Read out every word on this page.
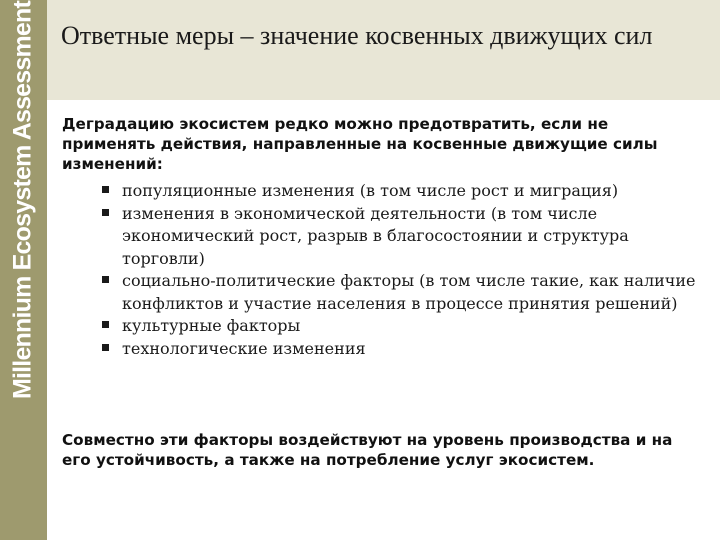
Millennium Ecosystem Assessment Ответные меры – значение косвенных движущих сил

Деградацию экосистем редко можно предотвратить, если не применять действия, направленные на косвенные движущие силы изменений:

популяционные изменения (в том числе рост и миграция)
изменения в экономической деятельности (в том числе экономический рост, разрыв в благосостоянии и структура торговли)
социально-политические факторы (в том числе такие, как наличие конфликтов и участие населения в процессе принятия решений)
культурные факторы
технологические изменения

Совместно эти факторы воздействуют на уровень производства и на его устойчивость, а также на потребление услуг экосистем.
